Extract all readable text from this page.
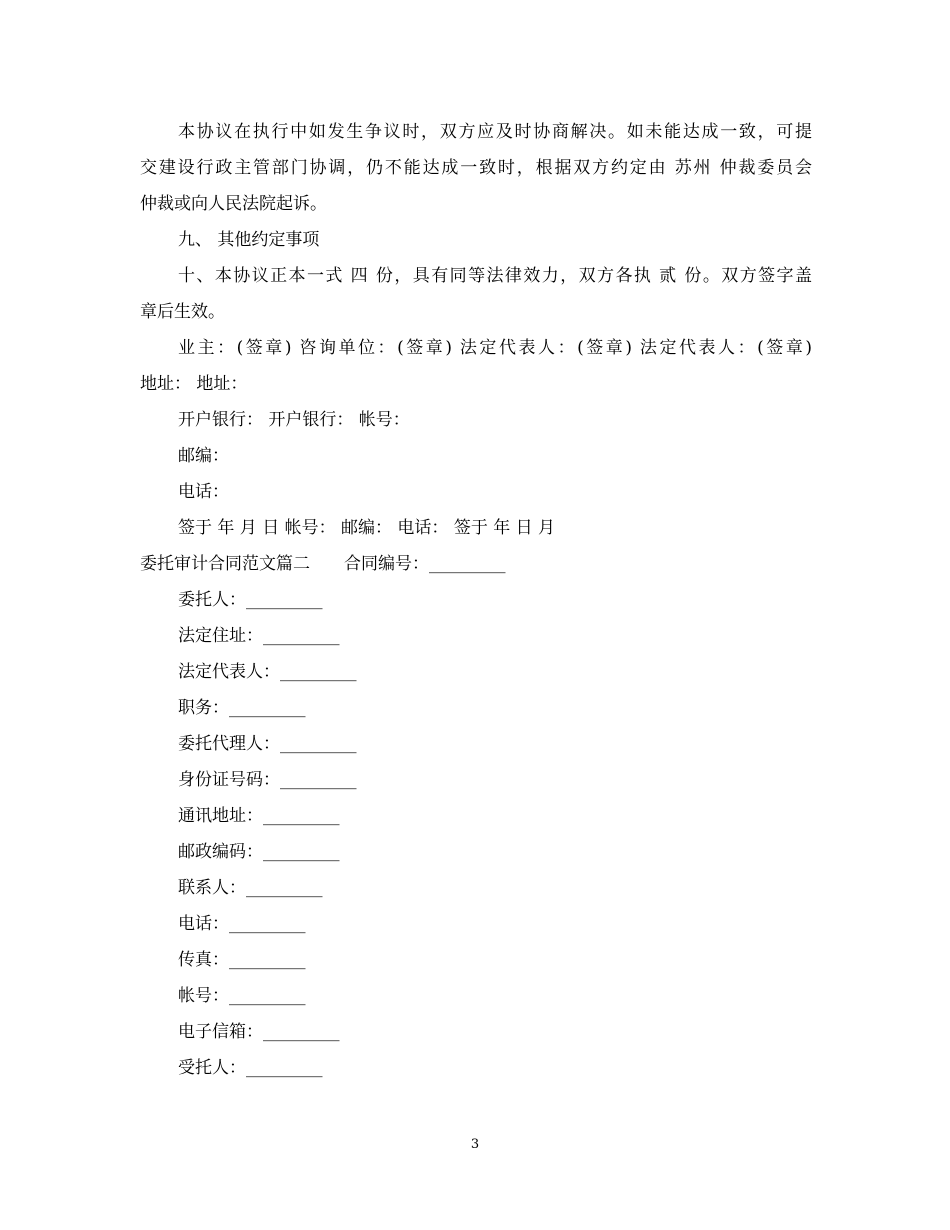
本协议在执行中如发生争议时，双方应及时协商解决。如未能达成一致，可提
交建设行政主管部门协调，仍不能达成一致时，根据双方约定由 苏州 仲裁委员会
仲裁或向人民法院起诉。
九、 其他约定事项
十、本协议正本一式 四 份，具有同等法律效力，双方各执 贰 份。双方签字盖
章后生效。
业主：(签章) 咨询单位：(签章) 法定代表人：(签章) 法定代表人：(签章)
地址： 地址：
开户银行： 开户银行： 帐号：
邮编：
电话：
签于 年 月 日 帐号： 邮编： 电话： 签于 年 日 月
委托审计合同范文篇二　　合同编号：_________
委托人：_________
法定住址：_________
法定代表人：_________
职务：_________
委托代理人：_________
身份证号码：_________
通讯地址：_________
邮政编码：_________
联系人：_________
电话：_________
传真：_________
帐号：_________
电子信箱：_________
受托人：_________
3
